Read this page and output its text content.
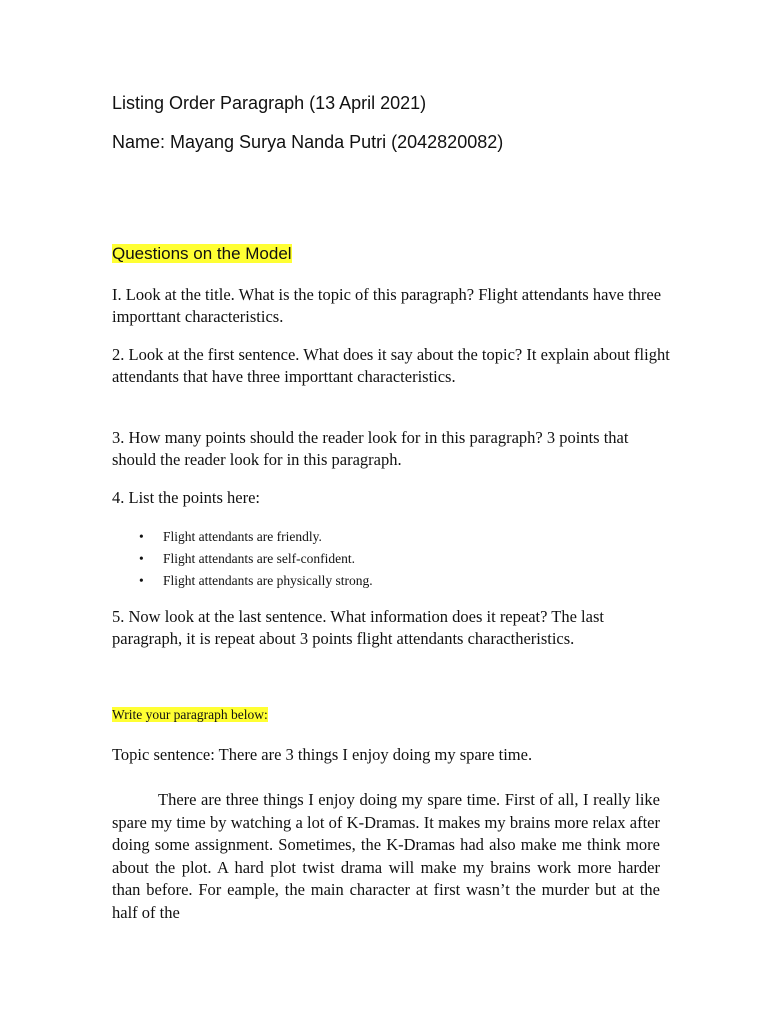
Listing Order Paragraph (13 April 2021)
Name: Mayang Surya Nanda Putri (2042820082)
Questions on the Model

I. Look at the title. What is the topic of this paragraph? Flight attendants have three importtant characteristics.

2. Look at the first sentence. What does it say about the topic? It explain about flight attendants that have three importtant characteristics.

3. How many points should the reader look for in this paragraph? 3 points that should the reader look for in this paragraph.

4. List the points here:

• Flight attendants are friendly.
• Flight attendants are self-confident.
• Flight attendants are physically strong.

5. Now look at the last sentence. What information does it repeat? The last paragraph, it is repeat about 3 points flight attendants charactheristics.

Write your paragraph below:
Topic sentence: There are 3 things I enjoy doing my spare time.

There are three things I enjoy doing my spare time. First of all, I really like spare my time by watching a lot of K-Dramas. It makes my brains more relax after doing some assignment. Sometimes, the K-Dramas had also make me think more about the plot. A hard plot twist drama will make my brains work more harder than before. For eample, the main character at first wasn’t the murder but at the half of the
